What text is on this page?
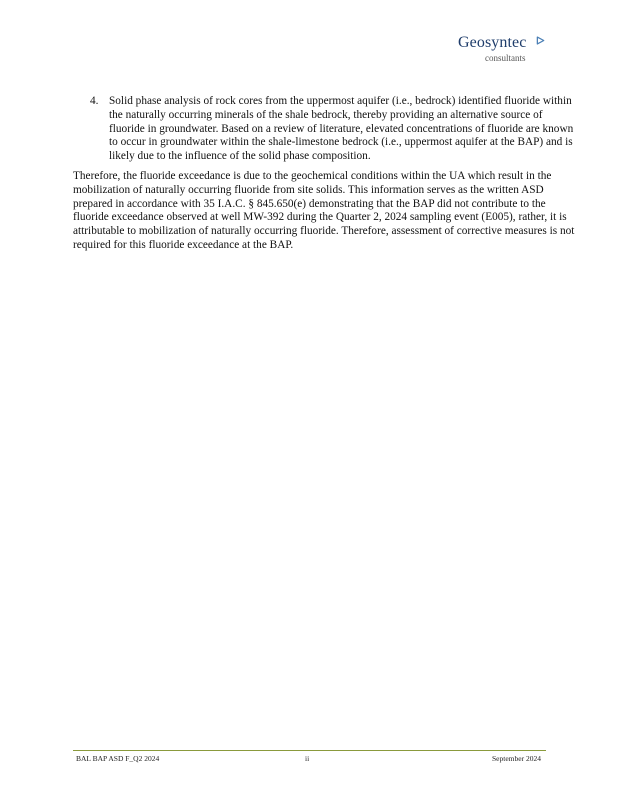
Geosyntec
consultants
4. Solid phase analysis of rock cores from the uppermost aquifer (i.e., bedrock) identified fluoride within the naturally occurring minerals of the shale bedrock, thereby providing an alternative source of fluoride in groundwater. Based on a review of literature, elevated concentrations of fluoride are known to occur in groundwater within the shale-limestone bedrock (i.e., uppermost aquifer at the BAP) and is likely due to the influence of the solid phase composition.

Therefore, the fluoride exceedance is due to the geochemical conditions within the UA which result in the mobilization of naturally occurring fluoride from site solids. This information serves as the written ASD prepared in accordance with 35 I.A.C. § 845.650(e) demonstrating that the BAP did not contribute to the fluoride exceedance observed at well MW-392 during the Quarter 2, 2024 sampling event (E005), rather, it is attributable to mobilization of naturally occurring fluoride. Therefore, assessment of corrective measures is not required for this fluoride exceedance at the BAP.

BAL BAP ASD F_Q2 2024	ii	September 2024
